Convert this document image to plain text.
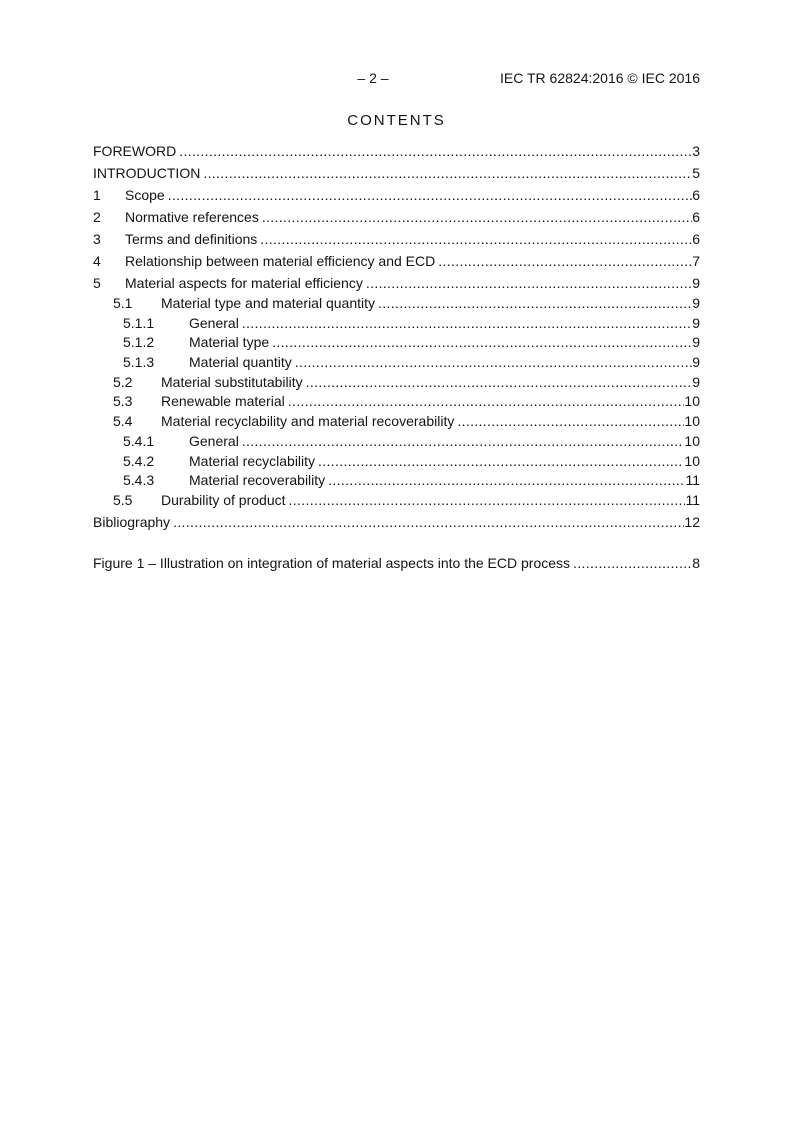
– 2 –	IEC TR 62824:2016 © IEC 2016
CONTENTS
FOREWORD .....	3
INTRODUCTION .....	5
1	Scope .....	6
2	Normative references .....	6
3	Terms and definitions .....	6
4	Relationship between material efficiency and ECD .....	7
5	Material aspects for material efficiency .....	9
5.1	Material type and material quantity .....	9
5.1.1	General .....	9
5.1.2	Material type .....	9
5.1.3	Material quantity .....	9
5.2	Material substitutability .....	9
5.3	Renewable material .....	10
5.4	Material recyclability and material recoverability .....	10
5.4.1	General .....	10
5.4.2	Material recyclability .....	10
5.4.3	Material recoverability .....	11
5.5	Durability of product .....	11
Bibliography .....	12
Figure 1 – Illustration on integration of material aspects into the ECD process .....	8
